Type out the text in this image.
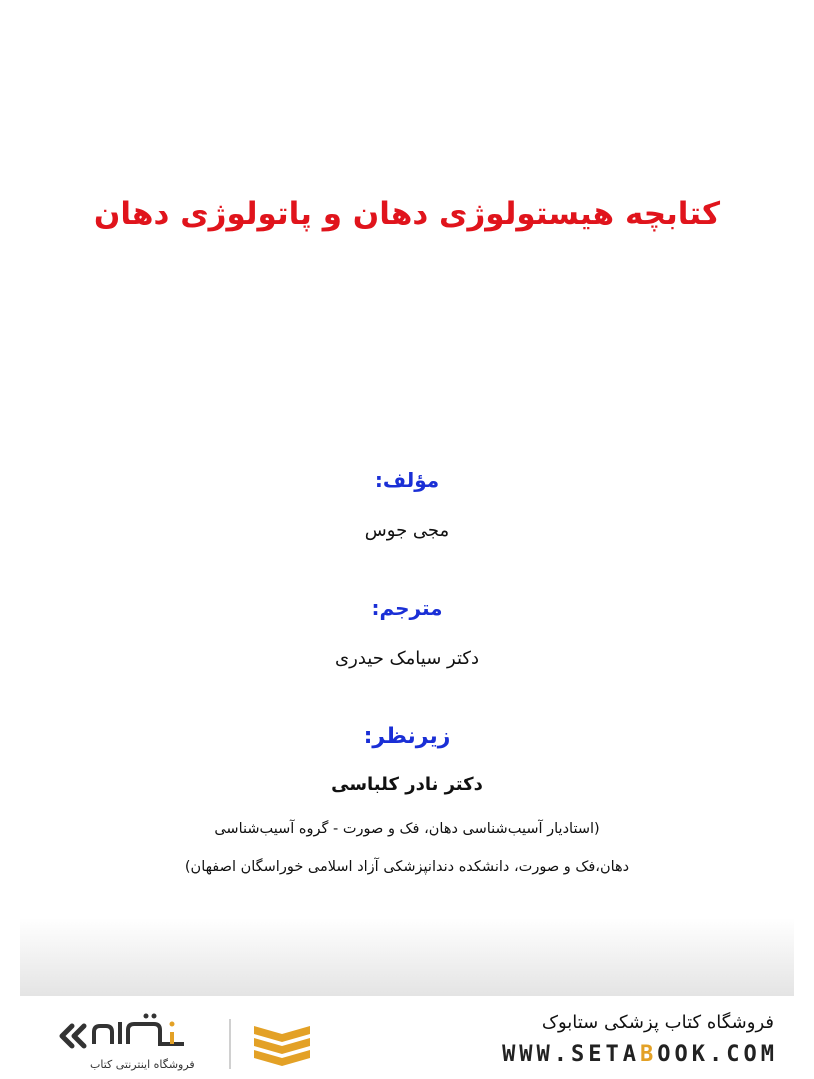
کتابچه هیستولوژی دهان و پاتولوژی دهان
مؤلف:
مجی جوس
مترجم:
دکتر سیامک حیدری
زیرنظر:
دکتر نادر کلباسی
(استادیار آسیب‌شناسی دهان، فک و صورت - گروه آسیب‌شناسی
دهان،فک و صورت، دانشکده دندانپزشکی آزاد اسلامی خوراسگان اصفهان)
فروشگاه اینترنتی کتاب
فروشگاه کتاب پزشکی ستابوک
WWW.SETABOOK.COM
